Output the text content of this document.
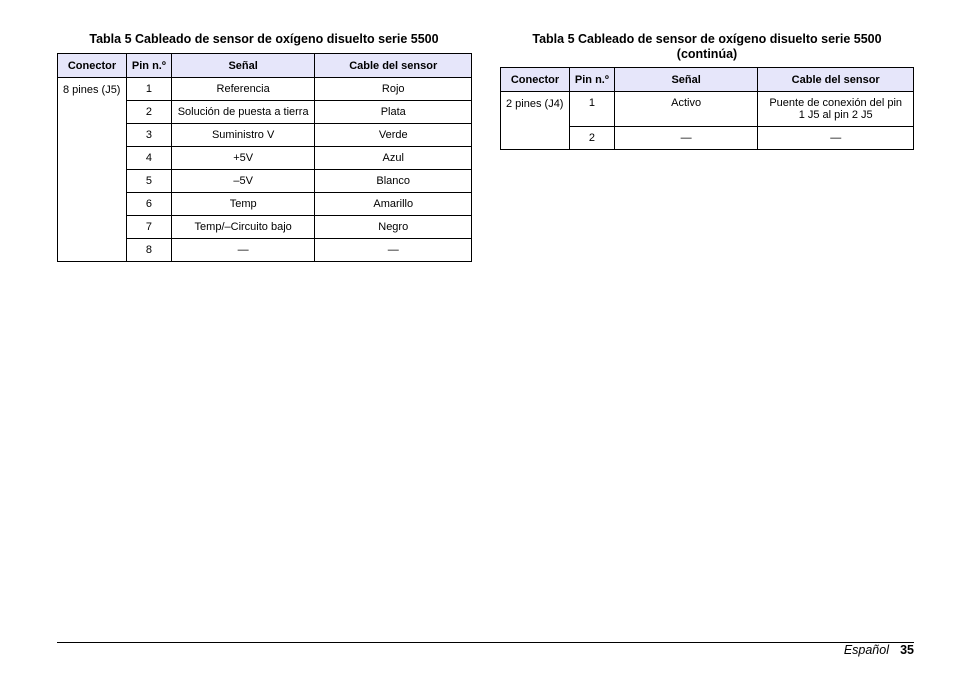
Tabla 5 Cableado de sensor de oxígeno disuelto serie 5500
Conector	Pin n.º	Señal	Cable del sensor
8 pines (J5)	1	Referencia	Rojo
	2	Solución de puesta a tierra	Plata
	3	Suministro V	Verde
	4	+5V	Azul
	5	–5V	Blanco
	6	Temp	Amarillo
	7	Temp/–Circuito bajo	Negro
	8	—	—
Tabla 5 Cableado de sensor de oxígeno disuelto serie 5500
(continúa)
Conector	Pin n.º	Señal	Cable del sensor
2 pines (J4)	1	Activo	Puente de conexión del pin
1 J5 al pin 2 J5

	2	—	—
Español 35
